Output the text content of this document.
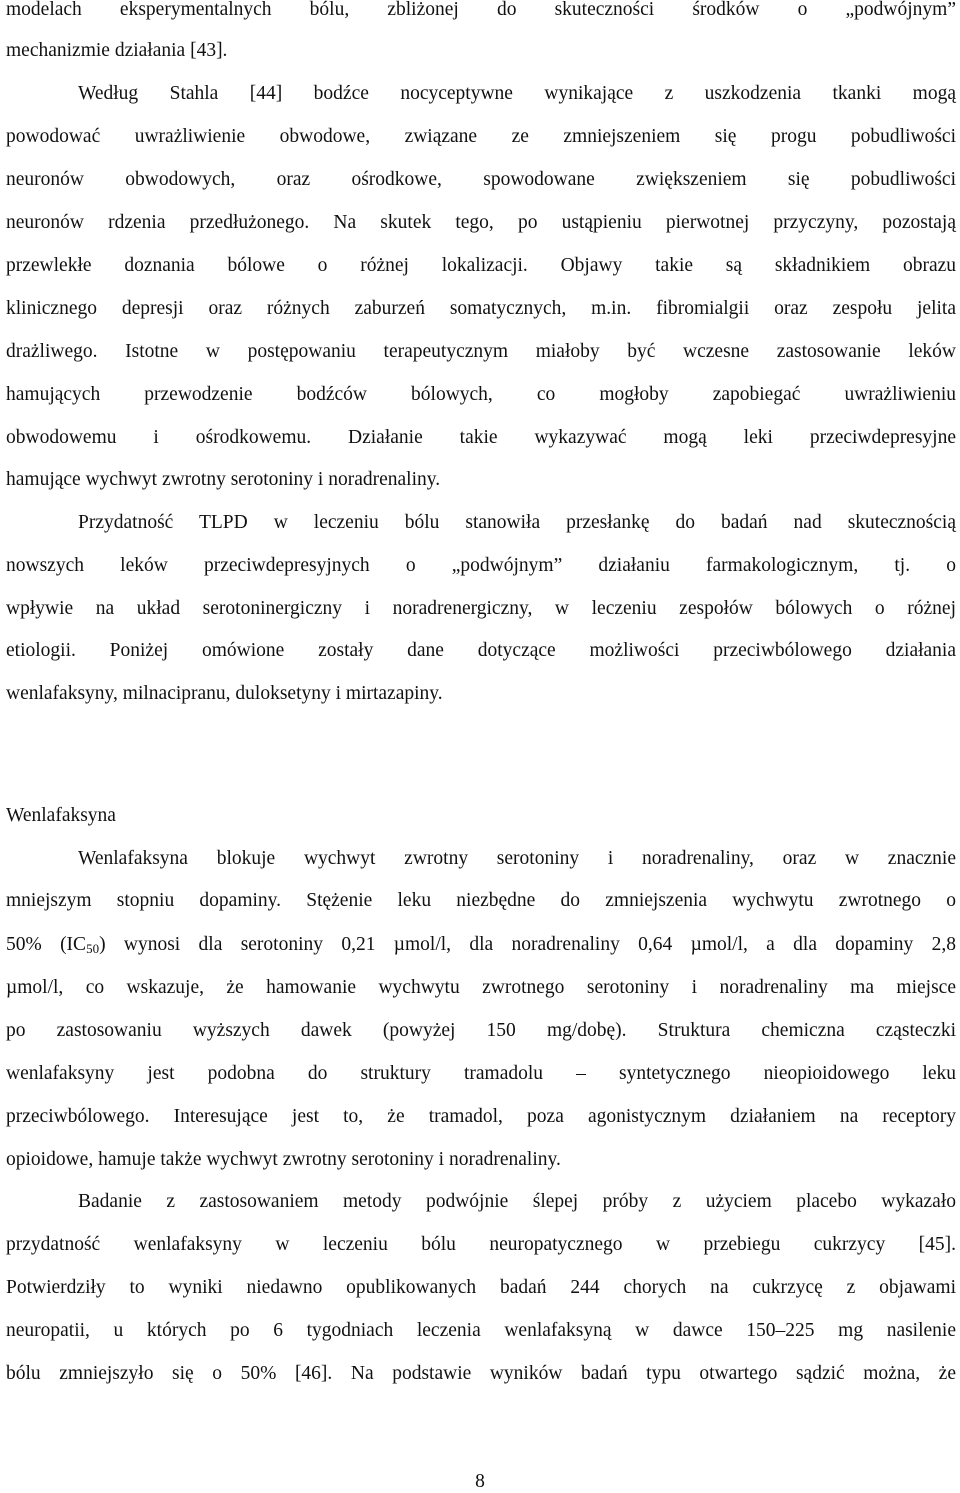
modelach eksperymentalnych bólu, zbliżonej do skuteczności środków o „podwójnym”
mechanizmie działania [43].
Według Stahla [44] bodźce nocyceptywne wynikające z uszkodzenia tkanki mogą
powodować uwrażliwienie obwodowe, związane ze zmniejszeniem się progu pobudliwości
neuronów obwodowych, oraz ośrodkowe, spowodowane zwiększeniem się pobudliwości
neuronów rdzenia przedłużonego. Na skutek tego, po ustąpieniu pierwotnej przyczyny, pozostają
przewlekłe doznania bólowe o różnej lokalizacji. Objawy takie są składnikiem obrazu
klinicznego depresji oraz różnych zaburzeń somatycznych, m.in. fibromialgii oraz zespołu jelita
drażliwego. Istotne w postępowaniu terapeutycznym miałoby być wczesne zastosowanie leków
hamujących przewodzenie bodźców bólowych, co mogłoby zapobiegać uwrażliwieniu
obwodowemu i ośrodkowemu. Działanie takie wykazywać mogą leki przeciwdepresyjne
hamujące wychwyt zwrotny serotoniny i noradrenaliny.
Przydatność TLPD w leczeniu bólu stanowiła przesłankę do badań nad skutecznością
nowszych leków przeciwdepresyjnych o „podwójnym” działaniu farmakologicznym, tj. o
wpływie na układ serotoninergiczny i noradrenergiczny, w leczeniu zespołów bólowych o różnej
etiologii. Poniżej omówione zostały dane dotyczące możliwości przeciwbólowego działania
wenlafaksyny, milnacipranu, duloksetyny i mirtazapiny.
Wenlafaksyna
Wenlafaksyna blokuje wychwyt zwrotny serotoniny i noradrenaliny, oraz w znacznie
mniejszym stopniu dopaminy. Stężenie leku niezbędne do zmniejszenia wychwytu zwrotnego o
50% $(IC_{50})$ wynosi dla serotoniny 0,21 µmol/l, dla noradrenaliny 0,64 µmol/l, a dla dopaminy 2,8
µmol/l, co wskazuje, że hamowanie wychwytu zwrotnego serotoniny i noradrenaliny ma miejsce
po zastosowaniu wyższych dawek (powyżej 150 mg/dobę). Struktura chemiczna cząsteczki
wenlafaksyny jest podobna do struktury tramadolu – syntetycznego nieopioidowego leku
przeciwbólowego. Interesujące jest to, że tramadol, poza agonistycznym działaniem na receptory
opioidowe, hamuje także wychwyt zwrotny serotoniny i noradrenaliny.
Badanie z zastosowaniem metody podwójnie ślepej próby z użyciem placebo wykazało
przydatność wenlafaksyny w leczeniu bólu neuropatycznego w przebiegu cukrzycy [45].
Potwierdziły to wyniki niedawno opublikowanych badań 244 chorych na cukrzycę z objawami
neuropatii, u których po 6 tygodniach leczenia wenlafaksyną w dawce 150–225 mg nasilenie
bólu zmniejszyło się o 50% [46]. Na podstawie wyników badań typu otwartego sądzić można, że
8
